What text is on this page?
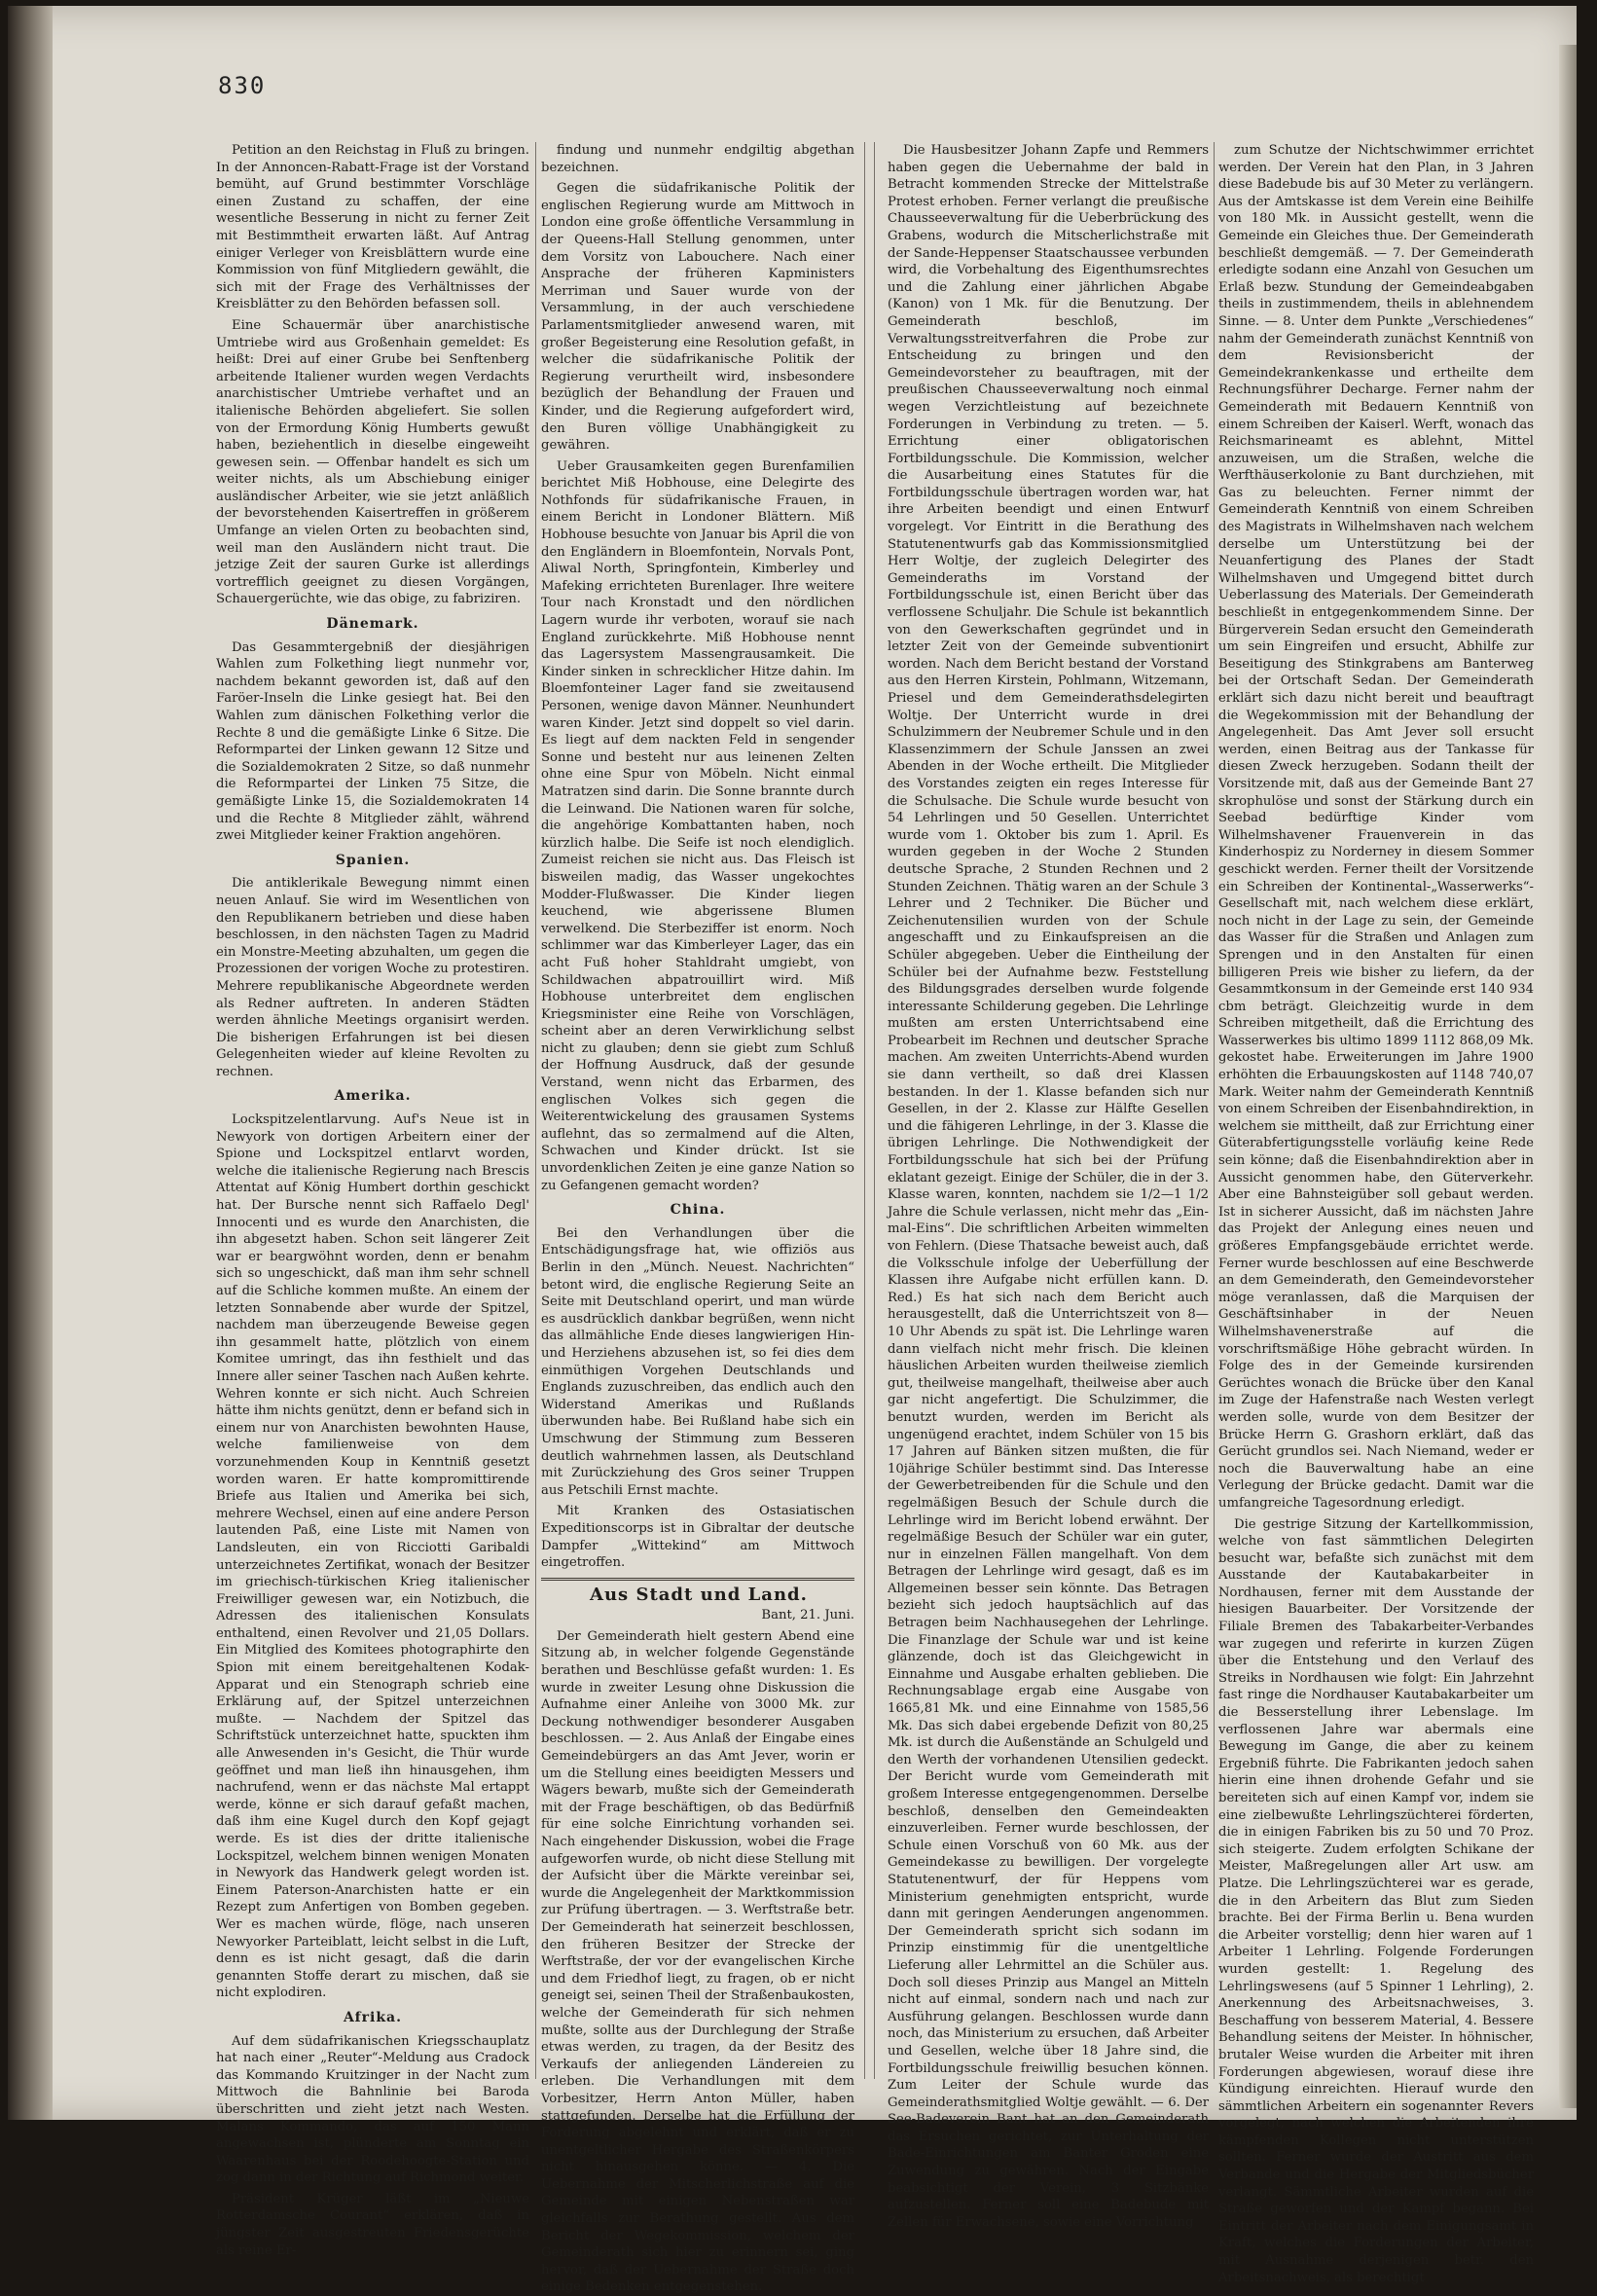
830

Petition an den Reichstag in Fluß zu bringen. In der Annoncen-Rabatt-Frage ist der Vorstand bemüht, auf Grund bestimmter Vorschläge einen Zustand zu schaffen, der eine wesentliche Besserung in nicht zu ferner Zeit mit Bestimmtheit erwarten läßt. Auf Antrag einiger Verleger von Kreisblättern wurde eine Kommission von fünf Mitgliedern gewählt, die sich mit der Frage des Verhältnisses der Kreisblätter zu den Behörden befassen soll.

Eine Schauermär über anarchistische Umtriebe wird aus Großenhain gemeldet: Es heißt: Drei auf einer Grube bei Senftenberg arbeitende Italiener wurden wegen Verdachts anarchistischer Umtriebe verhaftet und an italienische Behörden abgeliefert. Sie sollen von der Ermordung König Humberts gewußt haben, beziehentlich in dieselbe eingeweiht gewesen sein. — Offenbar handelt es sich um weiter nichts, als um Abschiebung einiger ausländischer Arbeiter, wie sie jetzt anläßlich der bevorstehenden Kaisertreffen in größerem Umfange an vielen Orten zu beobachten sind, weil man den Ausländern nicht traut. Die jetzige Zeit der sauren Gurke ist allerdings vortrefflich geeignet zu diesen Vorgängen, Schauergerüchte, wie das obige, zu fabriziren.

Dänemark.

Das Gesammtergebniß der diesjährigen Wahlen zum Folkething liegt nunmehr vor, nachdem bekannt geworden ist, daß auf den Faröer-Inseln die Linke gesiegt hat. Bei den Wahlen zum dänischen Folkething verlor die Rechte 8 und die gemäßigte Linke 6 Sitze. Die Reformpartei der Linken gewann 12 Sitze und die Sozialdemokraten 2 Sitze, so daß nunmehr die Reformpartei der Linken 75 Sitze, die gemäßigte Linke 15, die Sozialdemokraten 14 und die Rechte 8 Mitglieder zählt, während zwei Mitglieder keiner Fraktion angehören.

Spanien.

Die antiklerikale Bewegung nimmt einen neuen Anlauf. Sie wird im Wesentlichen von den Republikanern betrieben und diese haben beschlossen, in den nächsten Tagen zu Madrid ein Monstre-Meeting abzuhalten, um gegen die Prozessionen der vorigen Woche zu protestiren. Mehrere republikanische Abgeordnete werden als Redner auftreten. In anderen Städten werden ähnliche Meetings organisirt werden. Die bisherigen Erfahrungen ist bei diesen Gelegenheiten wieder auf kleine Revolten zu rechnen.

Amerika.

Lockspitzelentlarvung. Auf's Neue ist in Newyork von dortigen Arbeitern einer der Spione und Lockspitzel entlarvt worden, welche die italienische Regierung nach Brescis Attentat auf König Humbert dorthin geschickt hat. Der Bursche nennt sich Raffaelo Degl' Innocenti und es wurde den Anarchisten, die ihn abgesetzt haben. Schon seit längerer Zeit war er beargwöhnt worden, denn er benahm sich so ungeschickt, daß man ihm sehr schnell auf die Schliche kommen mußte. An einem der letzten Sonnabende aber wurde der Spitzel, nachdem man überzeugende Beweise gegen ihn gesammelt hatte, plötzlich von einem Komitee umringt, das ihn festhielt und das Innere aller seiner Taschen nach Außen kehrte. Wehren konnte er sich nicht. Auch Schreien hätte ihm nichts genützt, denn er befand sich in einem nur von Anarchisten bewohnten Hause, welche familienweise von dem vorzunehmenden Koup in Kenntniß gesetzt worden waren. Er hatte kompromittirende Briefe aus Italien und Amerika bei sich, mehrere Wechsel, einen auf eine andere Person lautenden Paß, eine Liste mit Namen von Landsleuten, ein von Ricciotti Garibaldi unterzeichnetes Zertifikat, wonach der Besitzer im griechisch-türkischen Krieg italienischer Freiwilliger gewesen war, ein Notizbuch, die Adressen des italienischen Konsulats enthaltend, einen Revolver und 21,05 Dollars. Ein Mitglied des Komitees photographirte den Spion mit einem bereitgehaltenen Kodak-Apparat und ein Stenograph schrieb eine Erklärung auf, der Spitzel unterzeichnen mußte. — Nachdem der Spitzel das Schriftstück unterzeichnet hatte, spuckten ihm alle Anwesenden in's Gesicht, die Thür wurde geöffnet und man ließ ihn hinausgehen, ihm nachrufend, wenn er das nächste Mal ertappt werde, könne er sich darauf gefaßt machen, daß ihm eine Kugel durch den Kopf gejagt werde. Es ist dies der dritte italienische Lockspitzel, welchem binnen wenigen Monaten in Newyork das Handwerk gelegt worden ist. Einem Paterson-Anarchisten hatte er ein Rezept zum Anfertigen von Bomben gegeben. Wer es machen würde, flöge, nach unseren Newyorker Parteiblatt, leicht selbst in die Luft, denn es ist nicht gesagt, daß die darin genannten Stoffe derart zu mischen, daß sie nicht explodiren.

Afrika.

Auf dem südafrikanischen Kriegsschauplatz hat nach einer „Reuter“-Meldung aus Cradock das Kommando Kruitzinger in der Nacht zum Mittwoch die Bahnlinie bei Baroda überschritten und zieht jetzt nach Westen. Malans Kommando, das auf 150 Mann angewachsen ist, plünderte am Sonntag ein Waarenhaus bei der Roodehoogte-Station und zog dann in der Richtung auf Richmond weiter.

Präsident Krüger läßt im „Nieuwe Rotterdamsche Courant“ erklären, daß in jüngster Zeit ausgestreuten Friedensgerüchte als reine Er-

findung und nunmehr endgiltig abgethan bezeichnen.

Gegen die südafrikanische Politik der englischen Regierung wurde am Mittwoch in London eine große öffentliche Versammlung in der Queens-Hall Stellung genommen, unter dem Vorsitz von Labouchere. Nach einer Ansprache der früheren Kapministers Merriman und Sauer wurde von der Versammlung, in der auch verschiedene Parlamentsmitglieder anwesend waren, mit großer Begeisterung eine Resolution gefaßt, in welcher die südafrikanische Politik der Regierung verurtheilt wird, insbesondere bezüglich der Behandlung der Frauen und Kinder, und die Regierung aufgefordert wird, den Buren völlige Unabhängigkeit zu gewähren.

Ueber Grausamkeiten gegen Burenfamilien berichtet Miß Hobhouse, eine Delegirte des Nothfonds für südafrikanische Frauen, in einem Bericht in Londoner Blättern. Miß Hobhouse besuchte von Januar bis April die von den Engländern in Bloemfontein, Norvals Pont, Aliwal North, Springfontein, Kimberley und Mafeking errichteten Burenlager. Ihre weitere Tour nach Kronstadt und den nördlichen Lagern wurde ihr verboten, worauf sie nach England zurückkehrte. Miß Hobhouse nennt das Lagersystem Massengrausamkeit. Die Kinder sinken in schrecklicher Hitze dahin. Im Bloemfonteiner Lager fand sie zweitausend Personen, wenige davon Männer. Neunhundert waren Kinder. Jetzt sind doppelt so viel darin. Es liegt auf dem nackten Feld in sengender Sonne und besteht nur aus leinenen Zelten ohne eine Spur von Möbeln. Nicht einmal Matratzen sind darin. Die Sonne brannte durch die Leinwand. Die Nationen waren für solche, die angehörige Kombattanten haben, noch kürzlich halbe. Die Seife ist noch elendiglich. Zumeist reichen sie nicht aus. Das Fleisch ist bisweilen madig, das Wasser ungekochtes Modder-Flußwasser. Die Kinder liegen keuchend, wie abgerissene Blumen verwelkend. Die Sterbeziffer ist enorm. Noch schlimmer war das Kimberleyer Lager, das ein acht Fuß hoher Stahldraht umgiebt, von Schildwachen abpatrouillirt wird. Miß Hobhouse unterbreitet dem englischen Kriegsminister eine Reihe von Vorschlägen, scheint aber an deren Verwirklichung selbst nicht zu glauben; denn sie giebt zum Schluß der Hoffnung Ausdruck, daß der gesunde Verstand, wenn nicht das Erbarmen, des englischen Volkes sich gegen die Weiterentwickelung des grausamen Systems auflehnt, das so zermalmend auf die Alten, Schwachen und Kinder drückt. Ist sie unvordenklichen Zeiten je eine ganze Nation so zu Gefangenen gemacht worden?

China.

Bei den Verhandlungen über die Entschädigungsfrage hat, wie offiziös aus Berlin in den „Münch. Neuest. Nachrichten“ betont wird, die englische Regierung Seite an Seite mit Deutschland operirt, und man würde es ausdrücklich dankbar begrüßen, wenn nicht das allmähliche Ende dieses langwierigen Hin- und Herziehens abzusehen ist, so fei dies dem einmüthigen Vorgehen Deutschlands und Englands zuzuschreiben, das endlich auch den Widerstand Amerikas und Rußlands überwunden habe. Bei Rußland habe sich ein Umschwung der Stimmung zum Besseren deutlich wahrnehmen lassen, als Deutschland mit Zurückziehung des Gros seiner Truppen aus Petschili Ernst machte.

Mit Kranken des Ostasiatischen Expeditionscorps ist in Gibraltar der deutsche Dampfer „Wittekind“ am Mittwoch eingetroffen.

Aus Stadt und Land.

Bant, 21. Juni.

Der Gemeinderath hielt gestern Abend eine Sitzung ab, in welcher folgende Gegenstände berathen und Beschlüsse gefaßt wurden: 1. Es wurde in zweiter Lesung ohne Diskussion die Aufnahme einer Anleihe von 3000 Mk. zur Deckung nothwendiger besonderer Ausgaben beschlossen. — 2. Aus Anlaß der Eingabe eines Gemeindebürgers an das Amt Jever, worin er um die Stellung eines beeidigten Messers und Wägers bewarb, mußte sich der Gemeinderath mit der Frage beschäftigen, ob das Bedürfniß für eine solche Einrichtung vorhanden sei. Nach eingehender Diskussion, wobei die Frage aufgeworfen wurde, ob nicht diese Stellung mit der Aufsicht über die Märkte vereinbar sei, wurde die Angelegenheit der Marktkommission zur Prüfung übertragen. — 3. Werftstraße betr. Der Gemeinderath hat seinerzeit beschlossen, den früheren Besitzer der Strecke der Werftstraße, der vor der evangelischen Kirche und dem Friedhof liegt, zu fragen, ob er nicht geneigt sei, seinen Theil der Straßenbaukosten, welche der Gemeinderath für sich nehmen mußte, sollte aus der Durchlegung der Straße etwas werden, zu tragen, da der Besitz des Verkaufs der anliegenden Ländereien zu erleben. Die Verhandlungen mit dem Vorbesitzer, Herrn Anton Müller, haben stattgefunden. Derselbe hat die Erfüllung der Forderung abgelehnt und erklärt, daß er zu unentgeltlicher Hergabe des Straßenkörpers nicht hinausgehen könne. — 4. Die Uebernahme der Mitscherlichstraße auf die Gemeinde mit einigen Nebenstraßen war gleichfalls zur Berathung gestellt. Aus dem Bericht der Wegekommission, welchem der Gemeinderath sich hier zu erinnern sei, ging hervor, daß der Uebernahme der Straße doch einige Bedenken entgegenstehen.

Die Hausbesitzer Johann Zapfe und Remmers haben gegen die Uebernahme der bald in Betracht kommenden Strecke der Mittelstraße Protest erhoben. Ferner verlangt die preußische Chausseeverwaltung für die Ueberbrückung des Grabens, wodurch die Mitscherlichstraße mit der Sande-Heppenser Staatschaussee verbunden wird, die Vorbehaltung des Eigenthumsrechtes und die Zahlung einer jährlichen Abgabe (Kanon) von 1 Mk. für die Benutzung. Der Gemeinderath beschloß, im Verwaltungsstreitverfahren die Probe zur Entscheidung zu bringen und den Gemeindevorsteher zu beauftragen, mit der preußischen Chausseeverwaltung noch einmal wegen Verzichtleistung auf bezeichnete Forderungen in Verbindung zu treten. — 5. Errichtung einer obligatorischen Fortbildungsschule. Die Kommission, welcher die Ausarbeitung eines Statutes für die Fortbildungsschule übertragen worden war, hat ihre Arbeiten beendigt und einen Entwurf vorgelegt. Vor Eintritt in die Berathung des Statutenentwurfs gab das Kommissionsmitglied Herr Woltje, der zugleich Delegirter des Gemeinderaths im Vorstand der Fortbildungsschule ist, einen Bericht über das verflossene Schuljahr. Die Schule ist bekanntlich von den Gewerkschaften gegründet und in letzter Zeit von der Gemeinde subventionirt worden. Nach dem Bericht bestand der Vorstand aus den Herren Kirstein, Pohlmann, Witzemann, Priesel und dem Gemeinderathsdelegirten Woltje. Der Unterricht wurde in drei Schulzimmern der Neubremer Schule und in den Klassenzimmern der Schule Janssen an zwei Abenden in der Woche ertheilt. Die Mitglieder des Vorstandes zeigten ein reges Interesse für die Schulsache. Die Schule wurde besucht von 54 Lehrlingen und 50 Gesellen. Unterrichtet wurde vom 1. Oktober bis zum 1. April. Es wurden gegeben in der Woche 2 Stunden deutsche Sprache, 2 Stunden Rechnen und 2 Stunden Zeichnen. Thätig waren an der Schule 3 Lehrer und 2 Techniker. Die Bücher und Zeichenutensilien wurden von der Schule angeschafft und zu Einkaufspreisen an die Schüler abgegeben. Ueber die Eintheilung der Schüler bei der Aufnahme bezw. Feststellung des Bildungsgrades derselben wurde folgende interessante Schilderung gegeben. Die Lehrlinge mußten am ersten Unterrichtsabend eine Probearbeit im Rechnen und deutscher Sprache machen. Am zweiten Unterrichts-Abend wurden sie dann vertheilt, so daß drei Klassen bestanden. In der 1. Klasse befanden sich nur Gesellen, in der 2. Klasse zur Hälfte Gesellen und die fähigeren Lehrlinge, in der 3. Klasse die übrigen Lehrlinge. Die Nothwendigkeit der Fortbildungsschule hat sich bei der Prüfung eklatant gezeigt. Einige der Schüler, die in der 3. Klasse waren, konnten, nachdem sie 1/2—1 1/2 Jahre die Schule verlassen, nicht mehr das „Ein-mal-Eins“. Die schriftlichen Arbeiten wimmelten von Fehlern. (Diese Thatsache beweist auch, daß die Volksschule infolge der Ueberfüllung der Klassen ihre Aufgabe nicht erfüllen kann. D. Red.) Es hat sich nach dem Bericht auch herausgestellt, daß die Unterrichtszeit von 8—10 Uhr Abends zu spät ist. Die Lehrlinge waren dann vielfach nicht mehr frisch. Die kleinen häuslichen Arbeiten wurden theilweise ziemlich gut, theilweise mangelhaft, theilweise aber auch gar nicht angefertigt. Die Schulzimmer, die benutzt wurden, werden im Bericht als ungenügend erachtet, indem Schüler von 15 bis 17 Jahren auf Bänken sitzen mußten, die für 10jährige Schüler bestimmt sind. Das Interesse der Gewerbetreibenden für die Schule und den regelmäßigen Besuch der Schule durch die Lehrlinge wird im Bericht lobend erwähnt. Der regelmäßige Besuch der Schüler war ein guter, nur in einzelnen Fällen mangelhaft. Von dem Betragen der Lehrlinge wird gesagt, daß es im Allgemeinen besser sein könnte. Das Betragen bezieht sich jedoch hauptsächlich auf das Betragen beim Nachhausegehen der Lehrlinge. Die Finanzlage der Schule war und ist keine glänzende, doch ist das Gleichgewicht in Einnahme und Ausgabe erhalten geblieben. Die Rechnungsablage ergab eine Ausgabe von 1665,81 Mk. und eine Einnahme von 1585,56 Mk. Das sich dabei ergebende Defizit von 80,25 Mk. ist durch die Außenstände an Schulgeld und den Werth der vorhandenen Utensilien gedeckt. Der Bericht wurde vom Gemeinderath mit großem Interesse entgegengenommen. Derselbe beschloß, denselben den Gemeindeakten einzuverleiben. Ferner wurde beschlossen, der Schule einen Vorschuß von 60 Mk. aus der Gemeindekasse zu bewilligen. Der vorgelegte Statutenentwurf, der für Heppens vom Ministerium genehmigten entspricht, wurde dann mit geringen Aenderungen angenommen. Der Gemeinderath spricht sich sodann im Prinzip einstimmig für die unentgeltliche Lieferung aller Lehrmittel an die Schüler aus. Doch soll dieses Prinzip aus Mangel an Mitteln nicht auf einmal, sondern nach und nach zur Ausführung gelangen. Beschlossen wurde dann noch, das Ministerium zu ersuchen, daß Arbeiter und Gesellen, welche über 18 Jahre sind, die Fortbildungsschule freiwillig besuchen können. Zum Leiter der Schule wurde das Gemeinderathsmitglied Woltje gewählt. — 6. Der See-Badeverein Bant hat an den Gemeinderath das Ersuchen gerichtet, zur Unterhaltung der Bade-Einrichtungen am Banter Groden eine Zuwendung zu gewähren. Nach der Eingabe beabsichtigt der Verein, 3 Sitzbänke aufzustellen. Ferner soll eine Badebude mit Zellen für Erwachsene, sowie eine Vorrichtung

zum Schutze der Nichtschwimmer errichtet werden. Der Verein hat den Plan, in 3 Jahren diese Badebude bis auf 30 Meter zu verlängern. Aus der Amtskasse ist dem Verein eine Beihilfe von 180 Mk. in Aussicht gestellt, wenn die Gemeinde ein Gleiches thue. Der Gemeinderath beschließt demgemäß. — 7. Der Gemeinderath erledigte sodann eine Anzahl von Gesuchen um Erlaß bezw. Stundung der Gemeindeabgaben theils in zustimmendem, theils in ablehnendem Sinne. — 8. Unter dem Punkte „Verschiedenes“ nahm der Gemeinderath zunächst Kenntniß von dem Revisionsbericht der Gemeindekrankenkasse und ertheilte dem Rechnungsführer Decharge. Ferner nahm der Gemeinderath mit Bedauern Kenntniß von einem Schreiben der Kaiserl. Werft, wonach das Reichsmarineamt es ablehnt, Mittel anzuweisen, um die Straßen, welche die Werfthäuserkolonie zu Bant durchziehen, mit Gas zu beleuchten. Ferner nimmt der Gemeinderath Kenntniß von einem Schreiben des Magistrats in Wilhelmshaven nach welchem derselbe um Unterstützung bei der Neuanfertigung des Planes der Stadt Wilhelmshaven und Umgegend bittet durch Ueberlassung des Materials. Der Gemeinderath beschließt in entgegenkommendem Sinne. Der Bürgerverein Sedan ersucht den Gemeinderath um sein Eingreifen und ersucht, Abhilfe zur Beseitigung des Stinkgrabens am Banterweg bei der Ortschaft Sedan. Der Gemeinderath erklärt sich dazu nicht bereit und beauftragt die Wegekommission mit der Behandlung der Angelegenheit. Das Amt Jever soll ersucht werden, einen Beitrag aus der Tankasse für diesen Zweck herzugeben. Sodann theilt der Vorsitzende mit, daß aus der Gemeinde Bant 27 skrophulöse und sonst der Stärkung durch ein Seebad bedürftige Kinder vom Wilhelmshavener Frauenverein in das Kinderhospiz zu Norderney in diesem Sommer geschickt werden. Ferner theilt der Vorsitzende ein Schreiben der Kontinental-„Wasserwerks“-Gesellschaft mit, nach welchem diese erklärt, noch nicht in der Lage zu sein, der Gemeinde das Wasser für die Straßen und Anlagen zum Sprengen und in den Anstalten für einen billigeren Preis wie bisher zu liefern, da der Gesammtkonsum in der Gemeinde erst 140 934 cbm beträgt. Gleichzeitig wurde in dem Schreiben mitgetheilt, daß die Errichtung des Wasserwerkes bis ultimo 1899 1112 868,09 Mk. gekostet habe. Erweiterungen im Jahre 1900 erhöhten die Erbauungskosten auf 1148 740,07 Mark. Weiter nahm der Gemeinderath Kenntniß von einem Schreiben der Eisenbahndirektion, in welchem sie mittheilt, daß zur Errichtung einer Güterabfertigungsstelle vorläufig keine Rede sein könne; daß die Eisenbahndirektion aber in Aussicht genommen habe, den Güterverkehr. Aber eine Bahnsteigüber soll gebaut werden. Ist in sicherer Aussicht, daß im nächsten Jahre das Projekt der Anlegung eines neuen und größeres Empfangsgebäude errichtet werde. Ferner wurde beschlossen auf eine Beschwerde an dem Gemeinderath, den Gemeindevorsteher möge veranlassen, daß die Marquisen der Geschäftsinhaber in der Neuen Wilhelmshavenerstraße auf die vorschriftsmäßige Höhe gebracht würden. In Folge des in der Gemeinde kursirenden Gerüchtes wonach die Brücke über den Kanal im Zuge der Hafenstraße nach Westen verlegt werden solle, wurde von dem Besitzer der Brücke Herrn G. Grashorn erklärt, daß das Gerücht grundlos sei. Nach Niemand, weder er noch die Bauverwaltung habe an eine Verlegung der Brücke gedacht. Damit war die umfangreiche Tagesordnung erledigt.

Die gestrige Sitzung der Kartellkommission, welche von fast sämmtlichen Delegirten besucht war, befaßte sich zunächst mit dem Ausstande der Kautabakarbeiter in Nordhausen, ferner mit dem Ausstande der hiesigen Bauarbeiter. Der Vorsitzende der Filiale Bremen des Tabakarbeiter-Verbandes war zugegen und referirte in kurzen Zügen über die Entstehung und den Verlauf des Streiks in Nordhausen wie folgt: Ein Jahrzehnt fast ringe die Nordhauser Kautabakarbeiter um die Besserstellung ihrer Lebenslage. Im verflossenen Jahre war abermals eine Bewegung im Gange, die aber zu keinem Ergebniß führte. Die Fabrikanten jedoch sahen hierin eine ihnen drohende Gefahr und sie bereiteten sich auf einen Kampf vor, indem sie eine zielbewußte Lehrlingszüchterei förderten, die in einigen Fabriken bis zu 50 und 70 Proz. sich steigerte. Zudem erfolgten Schikane der Meister, Maßregelungen aller Art usw. am Platze. Die Lehrlingszüchterei war es gerade, die in den Arbeitern das Blut zum Sieden brachte. Bei der Firma Berlin u. Bena wurden die Arbeiter vorstellig; denn hier waren auf 1 Arbeiter 1 Lehrling. Folgende Forderungen wurden gestellt: 1. Regelung des Lehrlingswesens (auf 5 Spinner 1 Lehrling), 2. Anerkennung des Arbeitsnachweises, 3. Beschaffung von besserem Material, 4. Bessere Behandlung seitens der Meister. In höhnischer, brutaler Weise wurden die Arbeiter mit ihren Forderungen abgewiesen, worauf diese ihre Kündigung einreichten. Hierauf wurde den sämmtlichen Arbeitern ein sogenannter Revers vorgelegt, nach welchen die Arbeitenden ihre kämpfenden Kollegen nicht unterstützen sollten. Ferner wurde der Austritt aus dem Verbande und die Hergabe der Mitgliedsbücher verlangt. Sämmtliche Arbeiter wurden auf die Straße geworfen und der Kampf begann. Bei Eintritt der Arbeiter nach dem Einigungsamt in Kraft, welches die Forderungen der Arbeiter, mit Ausnahme derjenigen betr. den Arbeitsnachweis, als berechtigt
